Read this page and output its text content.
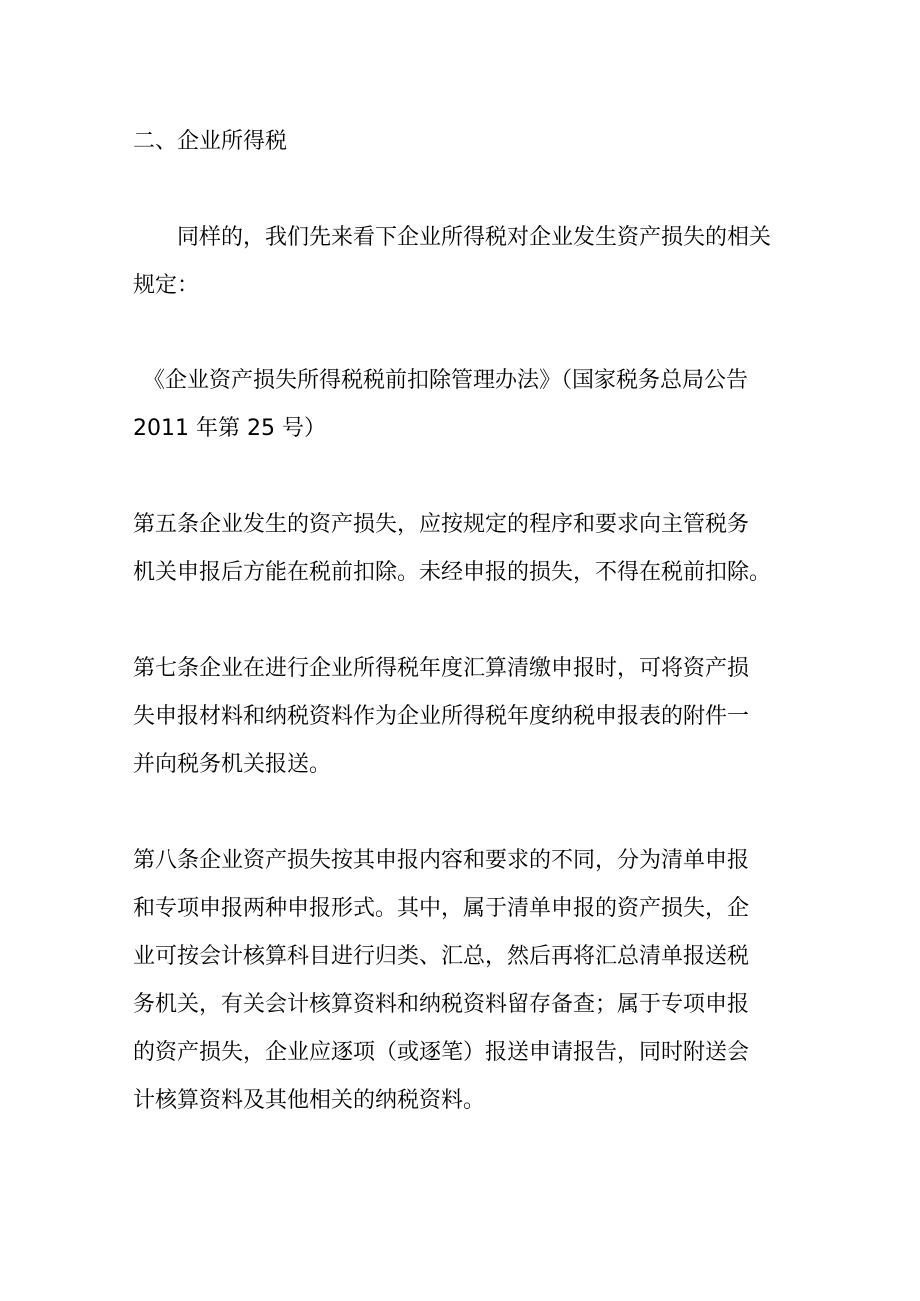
二、企业所得税

同样的，我们先来看下企业所得税对企业发生资产损失的相关
规定：

《企业资产损失所得税税前扣除管理办法》（国家税务总局公告
2011 年第 25 号）

第五条企业发生的资产损失，应按规定的程序和要求向主管税务
机关申报后方能在税前扣除。未经申报的损失，不得在税前扣除。

第七条企业在进行企业所得税年度汇算清缴申报时，可将资产损
失申报材料和纳税资料作为企业所得税年度纳税申报表的附件一
并向税务机关报送。

第八条企业资产损失按其申报内容和要求的不同，分为清单申报
和专项申报两种申报形式。其中，属于清单申报的资产损失，企
业可按会计核算科目进行归类、汇总，然后再将汇总清单报送税
务机关，有关会计核算资料和纳税资料留存备查；属于专项申报
的资产损失，企业应逐项（或逐笔）报送申请报告，同时附送会
计核算资料及其他相关的纳税资料。
